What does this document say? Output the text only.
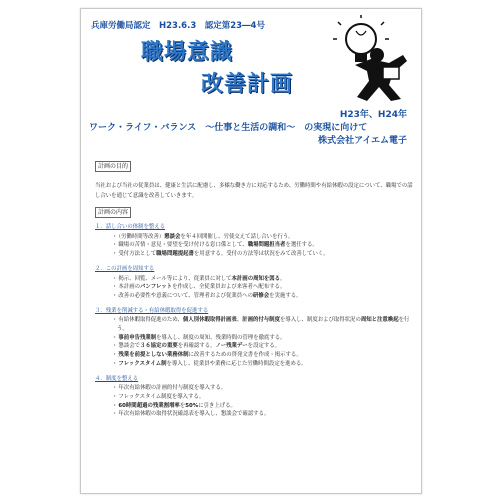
兵庫労働局認定　H23.6.3　認定第23―4号
職場意識
改善計画
H23年、H24年
ワーク・ライフ・バランス　～仕事と生活の調和～　の実現に向けて
株式会社アイエム電子
計画の目的
当社および当社の従業員は、健康と生活に配慮し、多様な働き方に対応するため、労働時間や有給休暇の設定について、職場での話し合いを通じて意識を改善していきます。
計画の内容
１．話し合いの体制を整える
・ （労働時間等改善）懇談会を年４回開催し、労使交えて話し合いを行う。
・ 職場の苦情・意見・要望を受け付ける窓口係として、職場問題担当者を選任する。
・ 受付方法として職場問題提起書を用意する。受付の方法等は状況をみて改善していく。
２．この計画を周知する
・ 掲示、回覧、メール等により、従業員に対して本計画の周知を図る。
・ 本計画のパンフレットを作成し、全従業員および来客者へ配布する。
・ 改善の必要性や意義について、管理者および従業員への研修会を実施する。
３．残業を削減する・有給休暇取得を促進する
・ 有給休暇取得促進のため、個人別休暇取得計画表、計画的付与制度を導入し、制度および取得状況の周知と注意喚起を行う。
・ 事前申告残業制を導入し、制度の周知、残業時間の管理を徹底する。
・ 懇談会で３６協定の重要を再確認する。ノー残業デーを設定する。
・ 残業を前提としない業務体制に改善するための啓発文書を作成・掲示する。
・ フレックスタイム制を導入し、従業員や業務に応じた労働時間設定を進める。
４．制度を整える
・ 年次有給休暇の計画的付与制度を導入する。
・ フレックスタイム制度を導入する。
・ 60時間超過の残業割増率を50%に引き上げる。
・ 年次有給休暇の取得状況確認表を導入し、懇談会で確認する。
